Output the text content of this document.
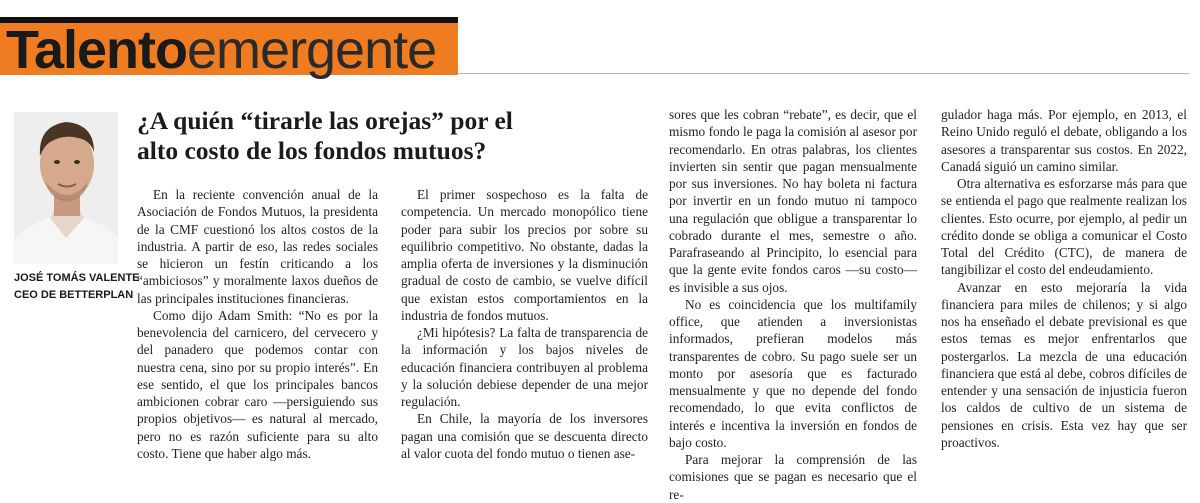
Talentoemergente
JOSÉ TOMÁS VALENTE
CEO DE BETTERPLAN
¿A quién “tirarle las orejas” por el alto costo de los fondos mutuos?

En la reciente convención anual de la Asociación de Fondos Mutuos, la presidenta de la CMF cuestionó los altos costos de la industria. A partir de eso, las redes sociales se hicieron un festín criticando a los “ambiciosos” y moralmente laxos dueños de las principales instituciones financieras.

Como dijo Adam Smith: “No es por la benevolencia del carnicero, del cervecero y del panadero que podemos contar con nuestra cena, sino por su propio interés”. En ese sentido, el que los principales bancos ambicionen cobrar caro —persiguiendo sus propios objetivos— es natural al mercado, pero no es razón suficiente para su alto costo. Tiene que haber algo más.

El primer sospechoso es la falta de competencia. Un mercado monopólico tiene poder para subir los precios por sobre su equilibrio competitivo. No obstante, dadas la amplia oferta de inversiones y la disminución gradual de costo de cambio, se vuelve difícil que existan estos comportamientos en la industria de fondos mutuos.

¿Mi hipótesis? La falta de transparencia de la información y los bajos niveles de educación financiera contribuyen al problema y la solución debiese depender de una mejor regulación.

En Chile, la mayoría de los inversores pagan una comisión que se descuenta directo al valor cuota del fondo mutuo o tienen ase-

sores que les cobran “rebate”, es decir, que el mismo fondo le paga la comisión al asesor por recomendarlo. En otras palabras, los clientes invierten sin sentir que pagan mensualmente por sus inversiones. No hay boleta ni factura por invertir en un fondo mutuo ni tampoco una regulación que obligue a transparentar lo cobrado durante el mes, semestre o año. Parafraseando al Principito, lo esencial para que la gente evite fondos caros —su costo— es invisible a sus ojos.

No es coincidencia que los multifamily office, que atienden a inversionistas informados, prefieran modelos más transparentes de cobro. Su pago suele ser un monto por asesoría que es facturado mensualmente y que no depende del fondo recomendado, lo que evita conflictos de interés e incentiva la inversión en fondos de bajo costo.

Para mejorar la comprensión de las comisiones que se pagan es necesario que el re-

gulador haga más. Por ejemplo, en 2013, el Reino Unido reguló el debate, obligando a los asesores a transparentar sus costos. En 2022, Canadá siguió un camino similar.

Otra alternativa es esforzarse más para que se entienda el pago que realmente realizan los clientes. Esto ocurre, por ejemplo, al pedir un crédito donde se obliga a comunicar el Costo Total del Crédito (CTC), de manera de tangibilizar el costo del endeudamiento.

Avanzar en esto mejoraría la vida financiera para miles de chilenos; y si algo nos ha enseñado el debate previsional es que estos temas es mejor enfrentarlos que postergarlos. La mezcla de una educación financiera que está al debe, cobros difíciles de entender y una sensación de injusticia fueron los caldos de cultivo de un sistema de pensiones en crisis. Esta vez hay que ser proactivos.
